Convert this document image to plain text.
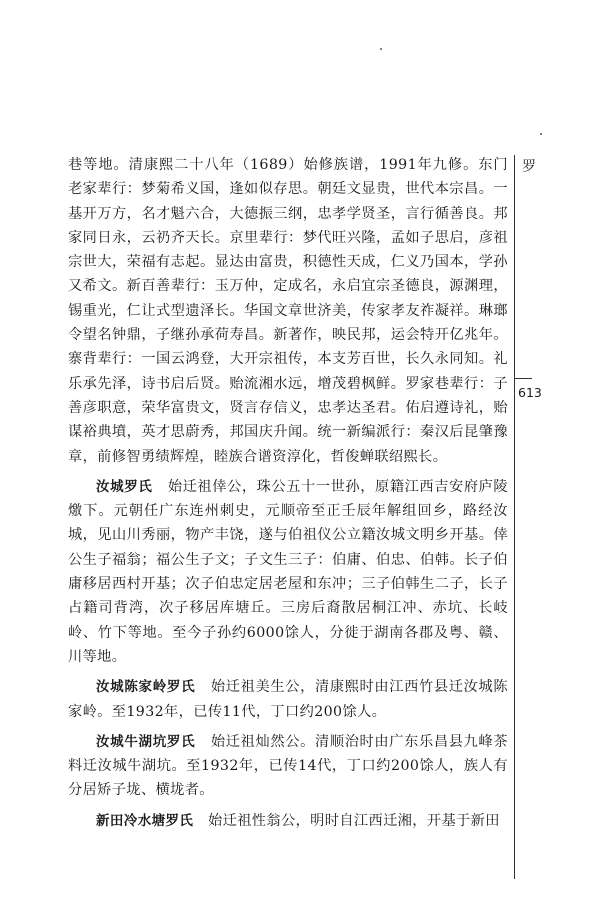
巷等地。清康熙二十八年（1689）始修族谱，1991年九修。东门老家辈行：梦菊希义国，逢如似存思。朝廷文显贵，世代本宗昌。一基开万方，名才魁六合，大德振三纲，忠孝学贤圣，言行循善良。邦家同日永，云礽齐天长。京里辈行：梦代旺兴隆，孟如子思启，彦祖宗世大，荣福有志起。显达由富贵，积德性天成，仁义乃国本，学孙又希文。新百善辈行：玉万仲，定成名，永启宜宗圣德良，源渊理，锡重光，仁让式型遗泽长。华国文章世济美，传家孝友祚凝祥。琳瑯令望名钟鼎，子继孙承荷寿昌。新著作，映民邦，运会特开亿兆年。寨背辈行：一国云鸿登，大开宗祖传，本支芳百世，长久永同知。礼乐承先泽，诗书启后贤。贻流湘水远，增茂碧枫鲜。罗家巷辈行：子善彦职意，荣华富贵文，贤言存信义，忠孝达圣君。佑启遵诗礼，贻谋裕典墳，英才思蔚秀，邦国庆升闻。统一新编派行：秦汉后昆肇豫章，前修智勇绩辉煌，睦族合谱资淳化，哲俊蝉联绍熙长。

汝城罗氏 始迁祖倖公，珠公五十一世孙，原籍江西吉安府庐陵燩下。元朝任广东连州刺史，元顺帝至正壬辰年解组回乡，路经汝城，见山川秀丽，物产丰饶，遂与伯祖仪公立籍汝城文明乡开基。倖公生子福翁；福公生子文；子文生三子：伯庸、伯忠、伯韩。长子伯庸移居西村开基；次子伯忠定居老屋和东冲；三子伯韩生二子，长子占籍司背湾，次子移居库塘丘。三房后裔散居桐江冲、赤坑、长岐岭、竹下等地。至今子孙约6000馀人，分徙于湖南各郡及粤、赣、川等地。

汝城陈家岭罗氏 始迁祖美生公，清康熙时由江西竹县迁汝城陈家岭。至1932年，已传11代，丁口约200馀人。

汝城牛湖坑罗氏 始迁祖灿然公。清顺治时由广东乐昌县九峰茶料迁汝城牛湖坑。至1932年，已传14代，丁口约200馀人，族人有分居矫子垅、横垅者。

新田冷水塘罗氏 始迁祖性翁公，明时自江西迁湘，开基于新田

罗
613
